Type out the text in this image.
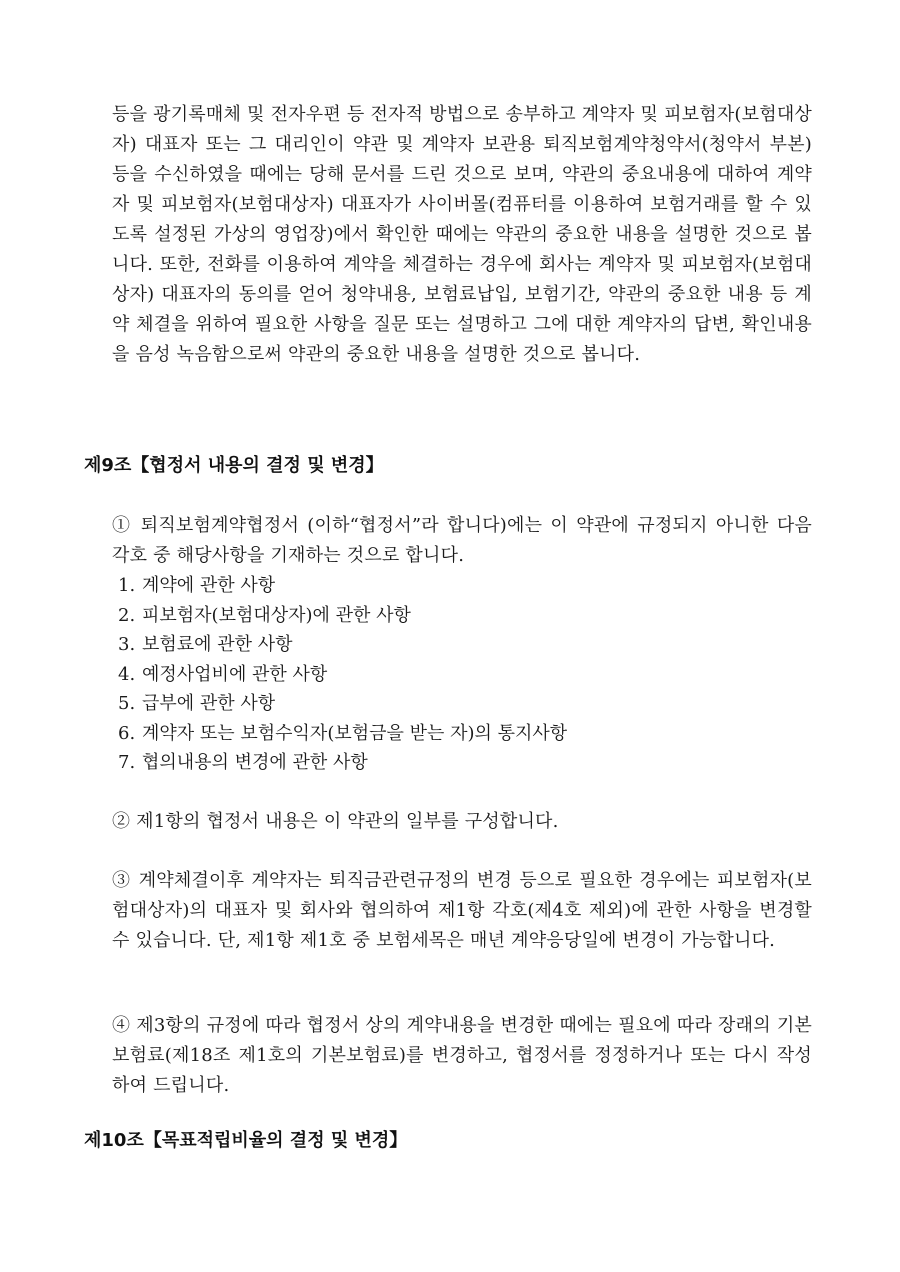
등을 광기록매체 및 전자우편 등 전자적 방법으로 송부하고 계약자 및 피보험자(보험대상자) 대표자 또는 그 대리인이 약관 및 계약자 보관용 퇴직보험계약청약서(청약서 부본) 등을 수신하였을 때에는 당해 문서를 드린 것으로 보며, 약관의 중요내용에 대하여 계약자 및 피보험자(보험대상자) 대표자가 사이버몰(컴퓨터를 이용하여 보험거래를 할 수 있도록 설정된 가상의 영업장)에서 확인한 때에는 약관의 중요한 내용을 설명한 것으로 봅니다. 또한, 전화를 이용하여 계약을 체결하는 경우에 회사는 계약자 및 피보험자(보험대상자) 대표자의 동의를 얻어 청약내용, 보험료납입, 보험기간, 약관의 중요한 내용 등 계약 체결을 위하여 필요한 사항을 질문 또는 설명하고 그에 대한 계약자의 답변, 확인내용을 음성 녹음함으로써 약관의 중요한 내용을 설명한 것으로 봅니다.

제9조【협정서 내용의 결정 및 변경】

① 퇴직보험계약협정서 (이하“협정서”라 합니다)에는 이 약관에 규정되지 아니한 다음 각호 중 해당사항을 기재하는 것으로 합니다.

1. 계약에 관한 사항
2. 피보험자(보험대상자)에 관한 사항
3. 보험료에 관한 사항
4. 예정사업비에 관한 사항
5. 급부에 관한 사항
6. 계약자 또는 보험수익자(보험금을 받는 자)의 통지사항
7. 협의내용의 변경에 관한 사항

② 제1항의 협정서 내용은 이 약관의 일부를 구성합니다.

③ 계약체결이후 계약자는 퇴직금관련규정의 변경 등으로 필요한 경우에는 피보험자(보험대상자)의 대표자 및 회사와 협의하여 제1항 각호(제4호 제외)에 관한 사항을 변경할 수 있습니다. 단, 제1항 제1호 중 보험세목은 매년 계약응당일에 변경이 가능합니다.

④ 제3항의 규정에 따라 협정서 상의 계약내용을 변경한 때에는 필요에 따라 장래의 기본보험료(제18조 제1호의 기본보험료)를 변경하고, 협정서를 정정하거나 또는 다시 작성하여 드립니다.

제10조【목표적립비율의 결정 및 변경】
